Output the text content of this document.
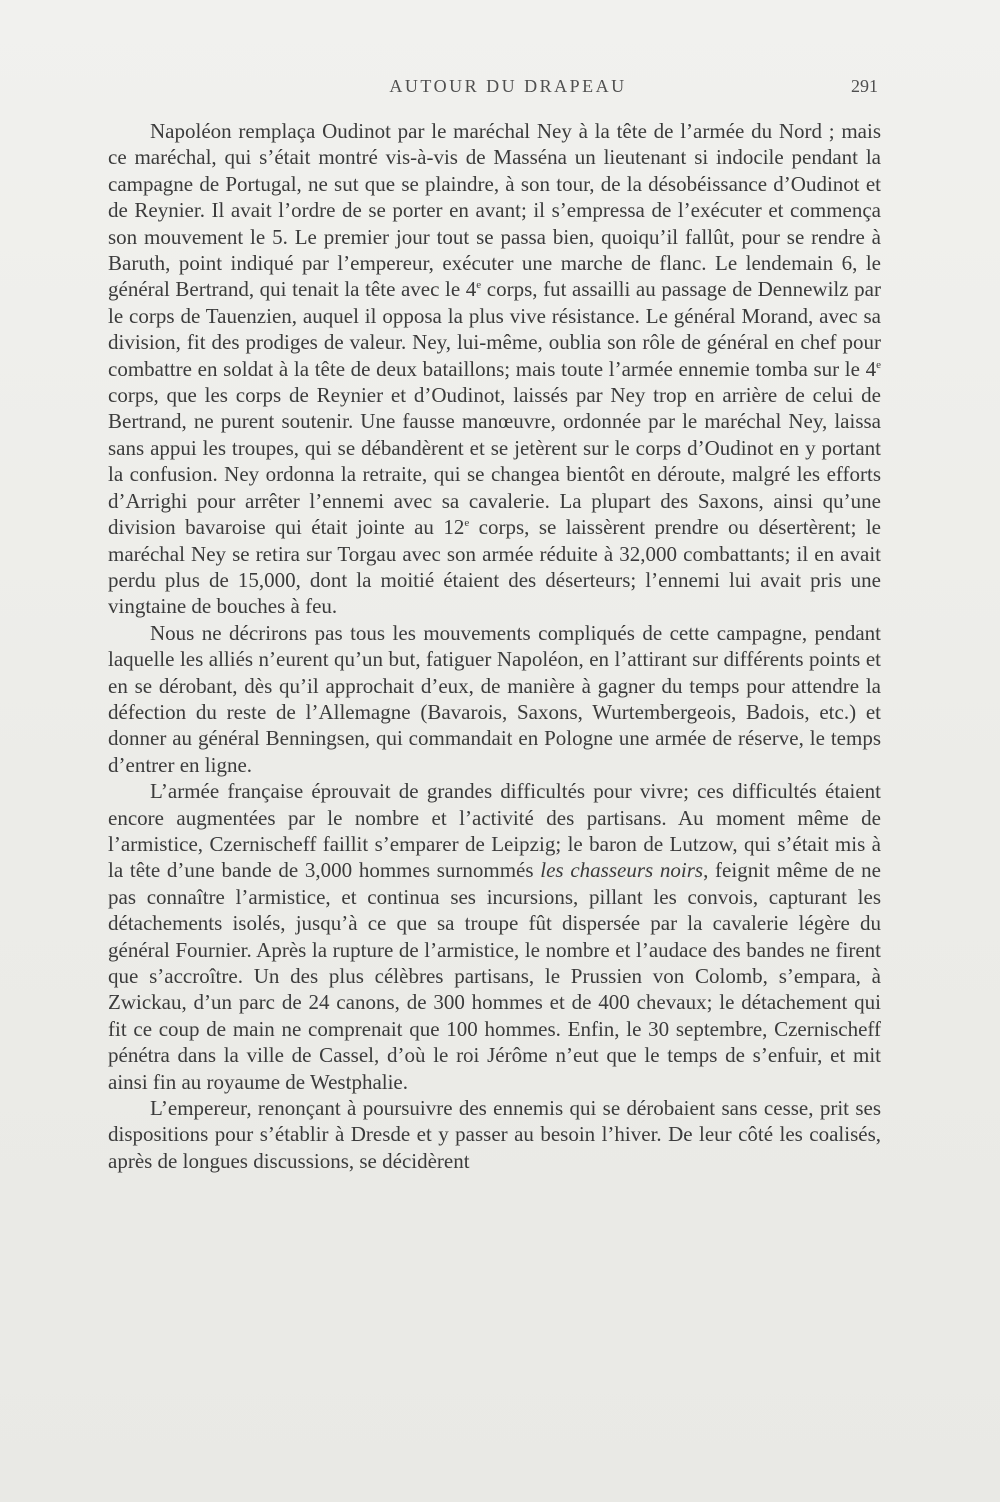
AUTOUR DU DRAPEAU	291

Napoléon remplaça Oudinot par le maréchal Ney à la tête de l’armée du Nord ; mais ce maréchal, qui s’était montré vis-à-vis de Masséna un lieutenant si indocile pendant la campagne de Portugal, ne sut que se plaindre, à son tour, de la désobéissance d’Oudinot et de Reynier. Il avait l’ordre de se porter en avant; il s’empressa de l’exécuter et commença son mouvement le 5. Le premier jour tout se passa bien, quoiqu’il fallût, pour se rendre à Baruth, point indiqué par l’empereur, exécuter une marche de flanc. Le lendemain 6, le général Bertrand, qui tenait la tête avec le 4e corps, fut assailli au passage de Dennewilz par le corps de Tauenzien, auquel il opposa la plus vive résistance. Le général Morand, avec sa division, fit des prodiges de valeur. Ney, lui-même, oublia son rôle de général en chef pour combattre en soldat à la tête de deux bataillons; mais toute l’armée ennemie tomba sur le 4e corps, que les corps de Reynier et d’Oudinot, laissés par Ney trop en arrière de celui de Bertrand, ne purent soutenir. Une fausse manœuvre, ordonnée par le maréchal Ney, laissa sans appui les troupes, qui se débandèrent et se jetèrent sur le corps d’Oudinot en y portant la confusion. Ney ordonna la retraite, qui se changea bientôt en déroute, malgré les efforts d’Arrighi pour arrêter l’ennemi avec sa cavalerie. La plupart des Saxons, ainsi qu’une division bavaroise qui était jointe au 12e corps, se laissèrent prendre ou désertèrent; le maréchal Ney se retira sur Torgau avec son armée réduite à 32,000 combattants; il en avait perdu plus de 15,000, dont la moitié étaient des déserteurs; l’ennemi lui avait pris une vingtaine de bouches à feu.

Nous ne décrirons pas tous les mouvements compliqués de cette campagne, pendant laquelle les alliés n’eurent qu’un but, fatiguer Napoléon, en l’attirant sur différents points et en se dérobant, dès qu’il approchait d’eux, de manière à gagner du temps pour attendre la défection du reste de l’Allemagne (Bavarois, Saxons, Wurtembergeois, Badois, etc.) et donner au général Benningsen, qui commandait en Pologne une armée de réserve, le temps d’entrer en ligne.

L’armée française éprouvait de grandes difficultés pour vivre; ces difficultés étaient encore augmentées par le nombre et l’activité des partisans. Au moment même de l’armistice, Czernischeff faillit s’emparer de Leipzig; le baron de Lutzow, qui s’était mis à la tête d’une bande de 3,000 hommes surnommés les chasseurs noirs, feignit même de ne pas connaître l’armistice, et continua ses incursions, pillant les convois, capturant les détachements isolés, jusqu’à ce que sa troupe fût dispersée par la cavalerie légère du général Fournier. Après la rupture de l’armistice, le nombre et l’audace des bandes ne firent que s’accroître. Un des plus célèbres partisans, le Prussien von Colomb, s’empara, à Zwickau, d’un parc de 24 canons, de 300 hommes et de 400 chevaux; le détachement qui fit ce coup de main ne comprenait que 100 hommes. Enfin, le 30 septembre, Czernischeff pénétra dans la ville de Cassel, d’où le roi Jérôme n’eut que le temps de s’enfuir, et mit ainsi fin au royaume de Westphalie.

L’empereur, renonçant à poursuivre des ennemis qui se dérobaient sans cesse, prit ses dispositions pour s’établir à Dresde et y passer au besoin l’hiver. De leur côté les coalisés, après de longues discussions, se décidèrent
